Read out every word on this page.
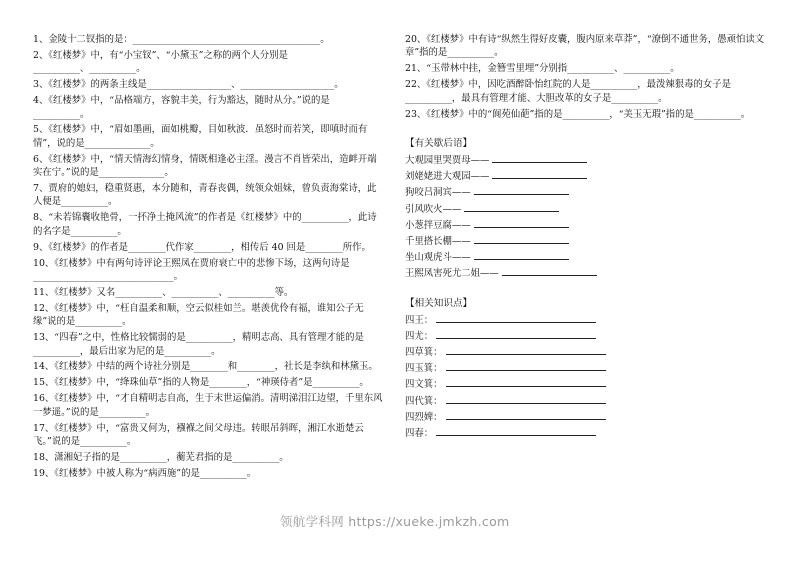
1、金陵十二钗指的是：________________________________________。
2、《红楼梦》中，有“小宝钗”、“小黛玉”之称的两个人分别是
__________、__________。
3、《红楼梦》的两条主线是__________________、____________________。
4、《红楼梦》中，“品格端方，容貌丰美，行为豁达，随时从分。”说的是__________。
5、《红楼梦》中，“眉如墨画，面如桃瓣，目如秋波．虽怒时而若笑，即嗔时而有情”，说的是______________。
6、《红楼梦》中，“情天情海幻情身，情既相逢必主淫。漫言不肖皆荣出，造衅开端实在宁。”说的是______________。
7、贾府的媳妇，稳重贤惠，本分随和，青春丧偶，统领众姐妹，曾负责海棠诗，此人便是__________。
8、“未若锦囊收艳骨，一抔净土掩风流”的作者是《红楼梦》中的__________，此诗的名字是__________。
9、《红楼梦》的作者是________代作家________，相传后 40 回是________所作。
10、《红楼梦》中有两句诗评论王熙凤在贾府衰亡中的悲惨下场，这两句诗是______________________________。
11、《红楼梦》又名__________、__________、__________等。
12、《红楼梦》中，“枉自温柔和顺，空云似桂如兰。堪羡优伶有福，谁知公子无缘”说的是__________。
13、“四春”之中，性格比较懦弱的是__________，精明志高、具有管理才能的是__________，最后出家为尼的是__________。
14、《红楼梦》中结的两个诗社分别是________和________，社长是李纨和林黛玉。
15、《红楼梦》中，“绛珠仙草”指的人物是________，“神瑛侍者”是__________。
16、《红楼梦》中，“才自精明志自高，生于末世运偏消。清明涕泪江边望，千里东风一梦遥。”说的是__________。
17、《红楼梦》中，“富贵又何为，襁褓之间父母违。转眼吊斜晖，湘江水逝楚云飞。”说的是__________。
18、潇湘妃子指的是__________，蘅芜君指的是__________。
19、《红楼梦》中被人称为“病西施”的是__________。
20、《红楼梦》中有诗“纵然生得好皮囊，腹内原来草莽”，“潦倒不通世务，愚顽怕读文章”指的是__________。
21、“玉带林中挂，金簪雪里埋”分别指__________、__________。
22、《红楼梦》中，因吃酒醉卧怡红院的人是__________，最泼辣狠毒的女子是__________，最具有管理才能、大胆改革的女子是__________。
23、《红楼梦》中的“阆苑仙葩”指的是__________，“美玉无瑕”指的是__________。
【有关歇后语】
大观园里哭贾母——
刘姥姥进大观园——
狗咬吕洞宾——
引风吹火——
小葱拌豆腐——
千里搭长棚——
坐山观虎斗——
王熙凤害死尤二姐——
【相关知识点】
四王：
四尤：
四草箕：
四玉箕：
四文箕：
四代箕：
四烈婢：
四春：
领航学科网 https://xueke.jmkzh.com
